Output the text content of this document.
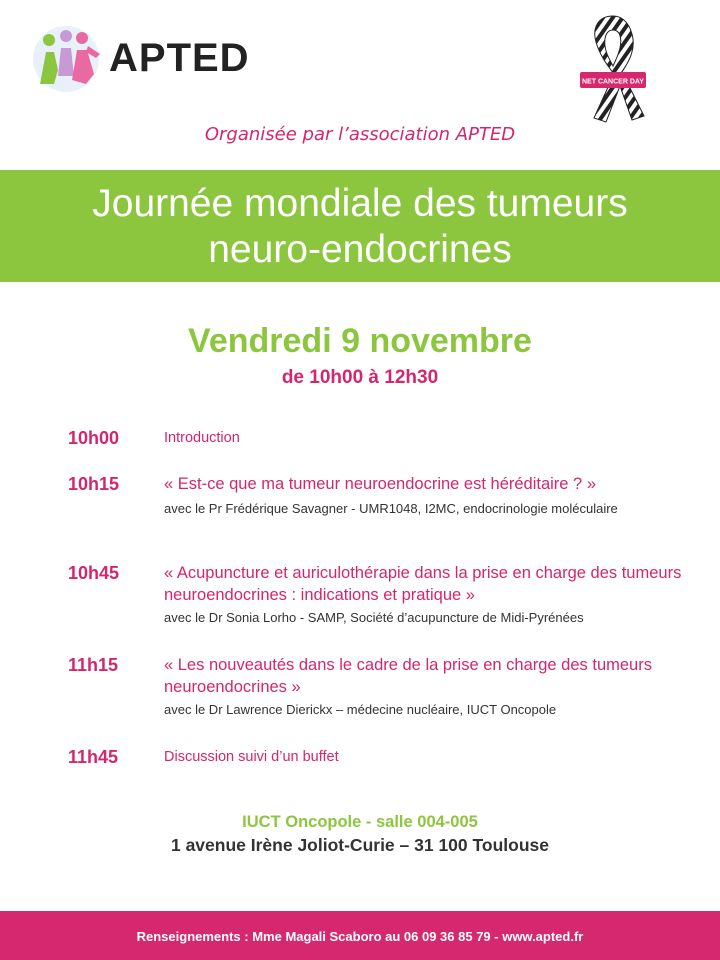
APTED
NET CANCER DAY
Organisée par l’association APTED
Journée mondiale des tumeurs
neuro-endocrines
Vendredi 9 novembre
de 10h00 à 12h30
10h00	Introduction
10h15	« Est-ce que ma tumeur neuroendocrine est héréditaire ? »
avec le Pr Frédérique Savagner - UMR1048, I2MC, endocrinologie moléculaire
10h45	« Acupuncture et auriculothérapie dans la prise en charge des tumeurs neuroendocrines : indications et pratique »
avec le Dr Sonia Lorho - SAMP, Société d’acupuncture de Midi-Pyrénées
11h15	« Les nouveautés dans le cadre de la prise en charge des tumeurs neuroendocrines »
avec le Dr Lawrence Dierickx – médecine nucléaire, IUCT Oncopole
11h45	Discussion suivi d’un buffet
IUCT Oncopole - salle 004-005
1 avenue Irène Joliot-Curie – 31 100 Toulouse
Renseignements : Mme Magali Scaboro au 06 09 36 85 79 - www.apted.fr
